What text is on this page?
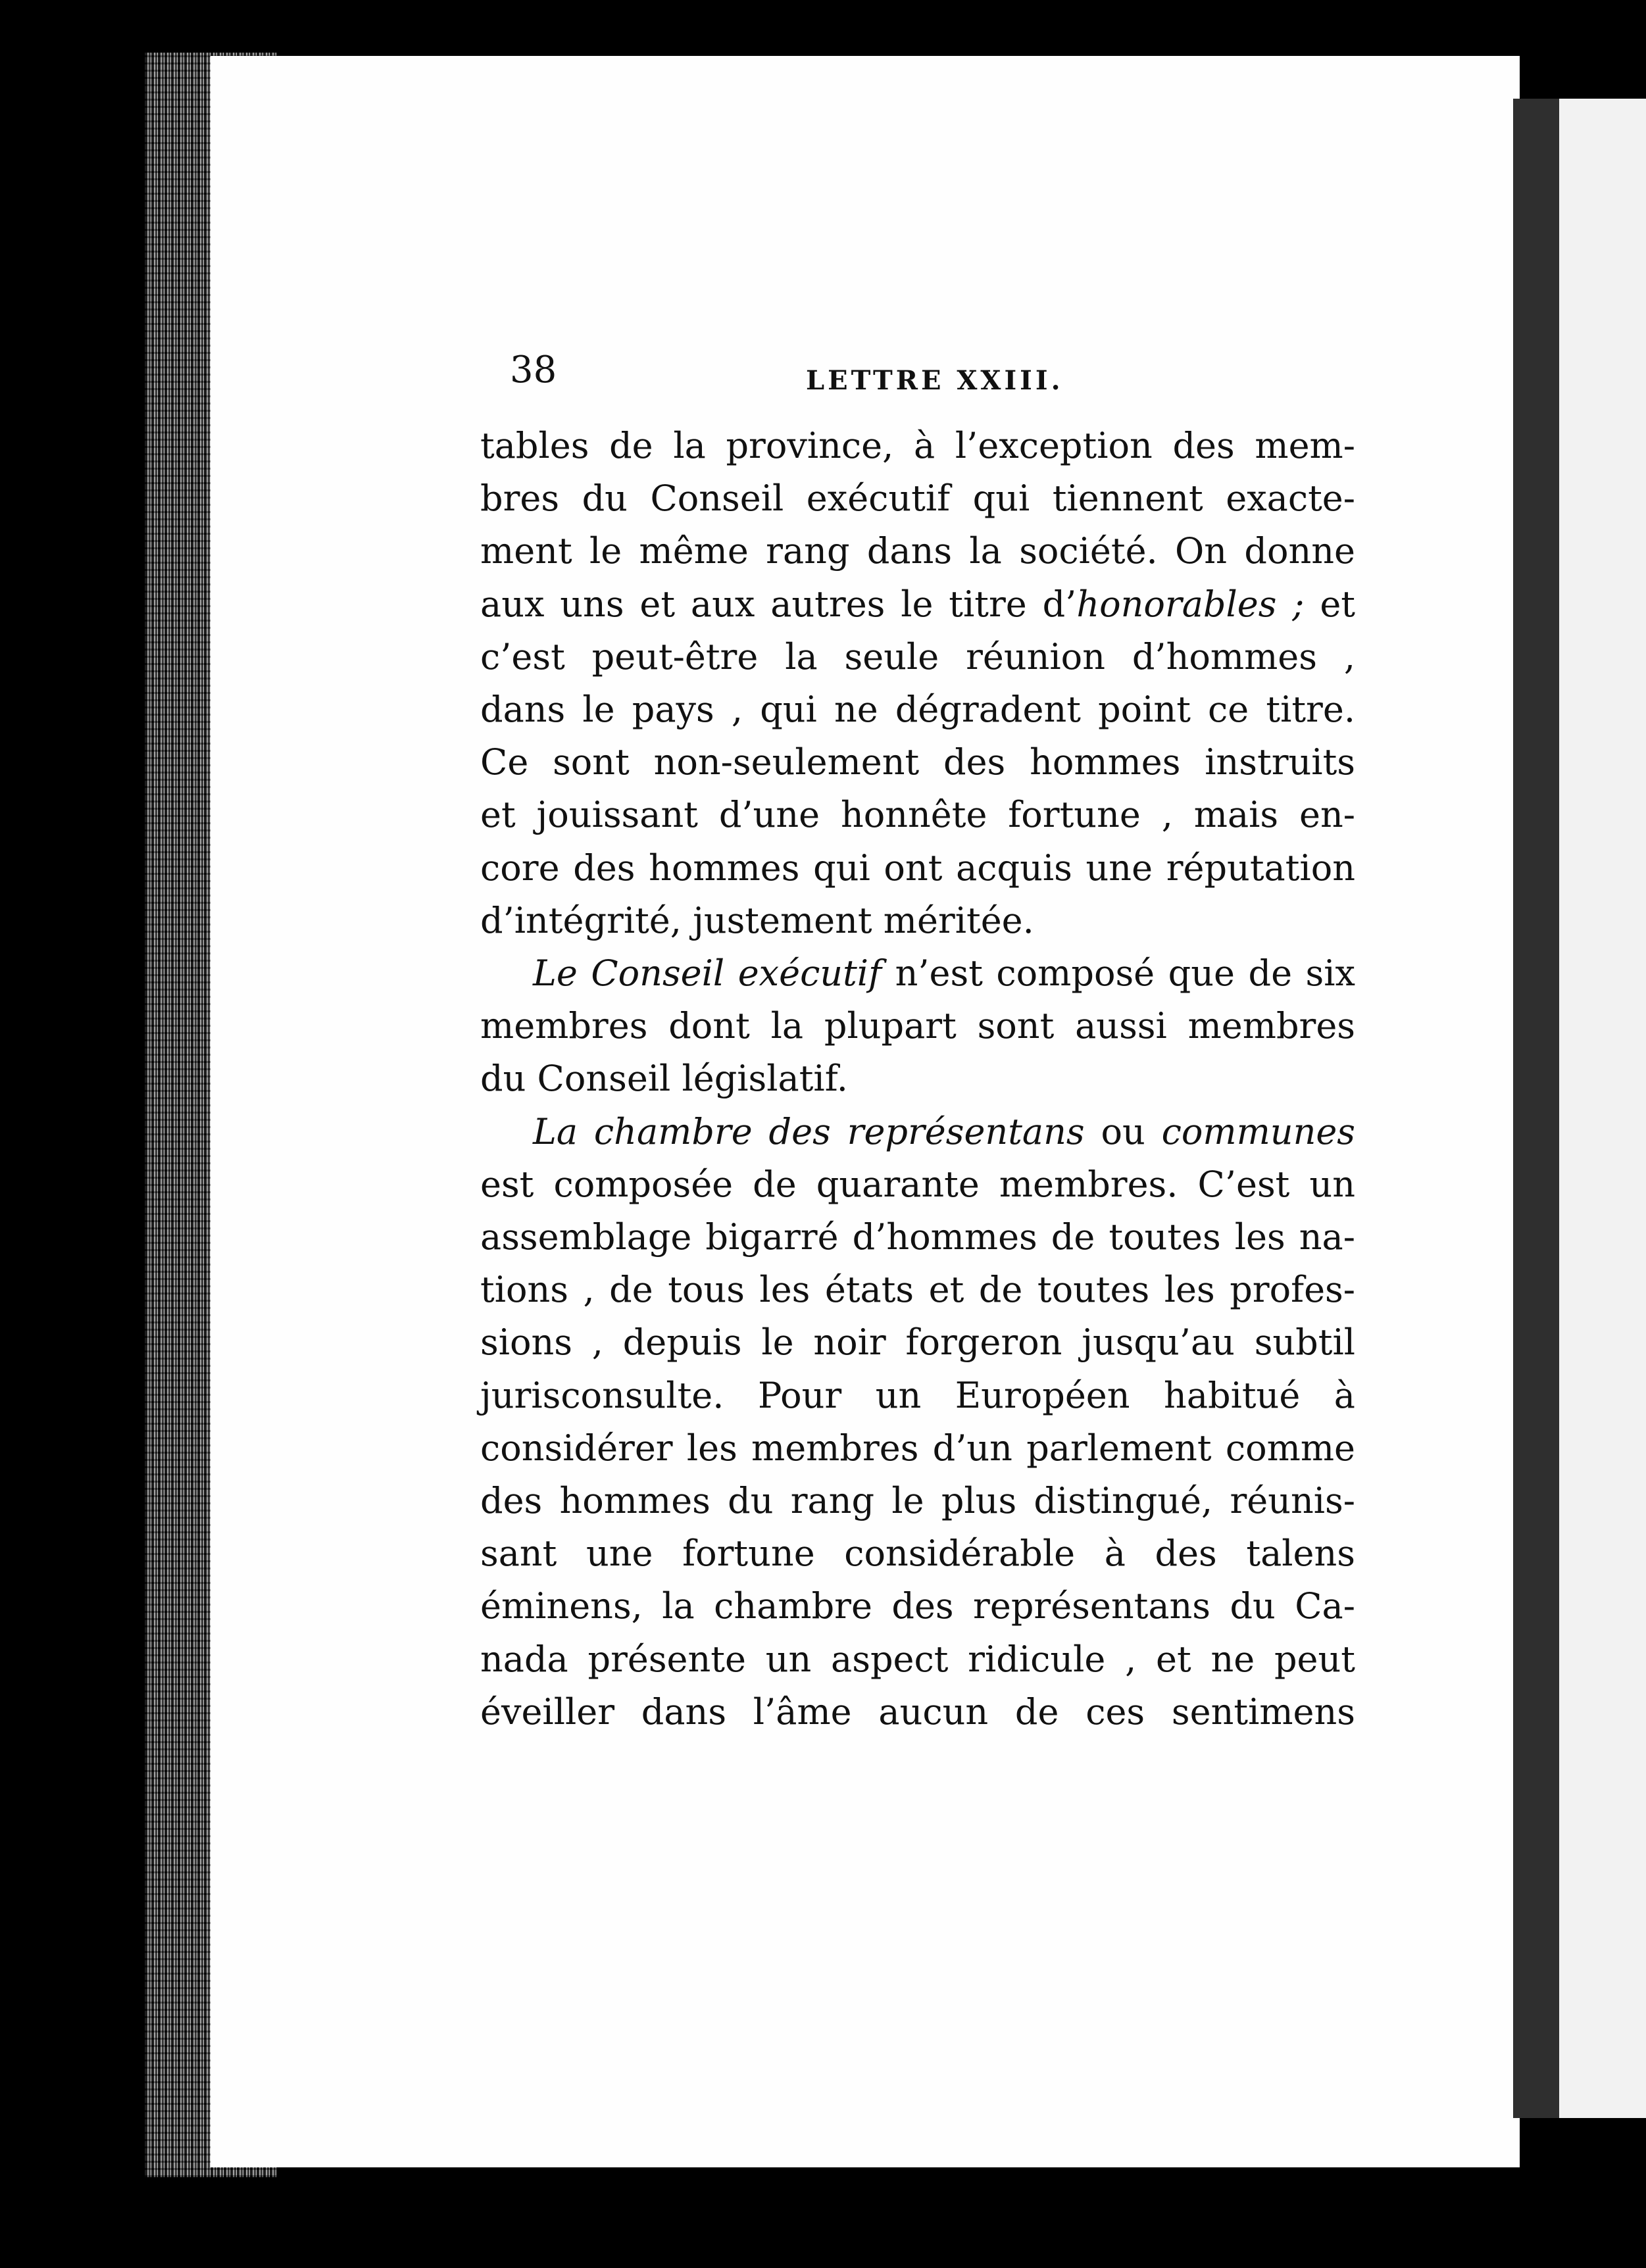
38	LETTRE XXIII.
tables de la province, à l’exception des mem-
bres du Conseil exécutif qui tiennent exacte-
ment le même rang dans la société. On donne
aux uns et aux autres le titre d’honorables ; et
c’est peut-être la seule réunion d’hommes ,
dans le pays , qui ne dégradent point ce titre.
Ce sont non-seulement des hommes instruits
et jouissant d’une honnête fortune , mais en-
core des hommes qui ont acquis une réputation
d’intégrité, justement méritée.
Le Conseil exécutif n’est composé que de six
membres dont la plupart sont aussi membres
du Conseil législatif.
La chambre des représentans ou communes
est composée de quarante membres. C’est un
assemblage bigarré d’hommes de toutes les na-
tions , de tous les états et de toutes les profes-
sions , depuis le noir forgeron jusqu’au subtil
jurisconsulte. Pour un Européen habitué à
considérer les membres d’un parlement comme
des hommes du rang le plus distingué, réunis-
sant une fortune considérable à des talens
éminens, la chambre des représentans du Ca-
nada présente un aspect ridicule , et ne peut
éveiller dans l’âme aucun de ces sentimens
